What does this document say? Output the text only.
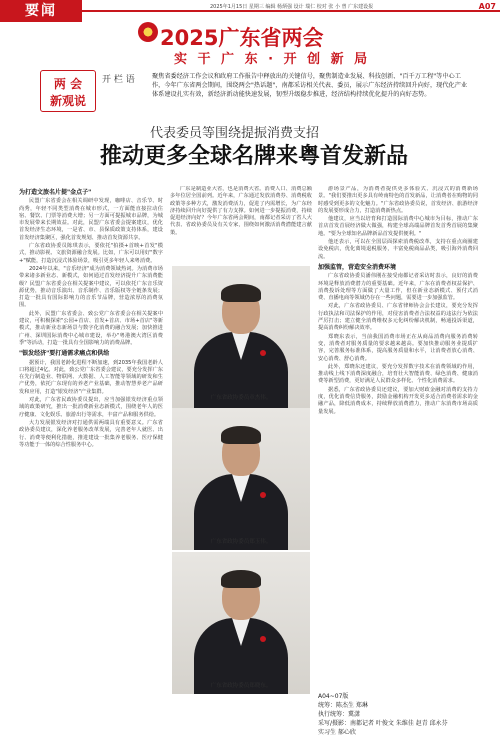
要闻	2025年1月15日 星期三 编辑 杨炳强 设计 瑞仁 校对 张 小 曾 广东建设报	A07
2025广东省两会
实 干 广 东 · 开 创 新 局
两 会
新观说
开 栏 语	聚焦省委经济工作会议和政府工作报告中释放出的关键信号，聚焦制造业发展、科技创新、"百千万工程"等中心工作，今年广东省两会期间，围绕两会"热话题"，南都采访相关代表、委员，展示广东经济持续回升向好，现代化产业体系建设扎实有效，新经济新动能快速发展，韧型升级稳步推进，经济结构持续优化提升的向好态势。
代表委员等围绕提振消费支招
推动更多全球名牌来粤首发新品
为打造文旅名片提"金点子"

民盟广东省委会在相关调研中发现，咖啡店、音乐节、时尚秀，年轻不同类型消费在城市形式，一方面能直接拉动住宿、餐饮、门票等消费大增；另一方面可提振城市品牌，为城市发展带来长期效益。对此，民盟广东省委会提案建议，优化首发经济生态环境，一是省、市、县保质政策支持体系，建设首发经济集聚区，强化首发规划、推动首发资源共享。

广东省政协委员陈琪表示，要依托"拍摄+首映+首发"模式，推动影视、文旅资源融合发展。比如，广东可以用好"数字+"赋能，打造沉浸式体验场景，吸引更多年轻人来粤消费。

2024年以来，"音乐经济"成为消费领域热词。为消费市场带来诸多新业态、新模式，如何通过首发经济提升广东消费能级？民盟广东省委会在相关提案中建议，可以依托广东音乐资源优势，推动音乐演出、音乐制作、音乐版权等全链条发展；打造一批具有国际影响力的音乐节品牌，营造浓厚的消费氛围。

此外，民盟广东省委会、致公党广东省委会在相关提案中建议，可积极探索"公园+首店、首发+首店、市场+首店"等新模式，推动新业态新场景与数字化消费的融合发展；加快推进广州、深圳国际消费中心城市建设，举办"粤港澳大湾区消费季"等活动，打造一批具有全国影响力的消费品牌。

"银发经济"要打通需求痛点和供给

据预计，我国老龄化进程不断加速，到2035年我国老龄人口将超过4亿。对此，致公党广东省委会建议，要充分发挥广东在先行制造业、物联网、大数据、人工智能等领域的研发和生产优势，依托广东现有的养老产业基础，推动智慧养老产品研发和应用，打造"银发经济"产业集群。

对此，广东省民政协委员提出，应当加强银发经济重点领域的政策研究，推出一批消费新业态新模式，围绕老年人的医疗健康、文化娱乐、旅游出行等需求，丰富产品和服务供给。

大力发展银发经济对打通供需两端具有重要意义。广东省政协委员建议，深化养老服务改革发展，完善老年人就医、出行、消费等便利化措施，推进建设一批集养老服务、医疗保健等功能于一体的综合性服务中心。

广东是制造业大省，也是消费大省。消费人口、消费总额多年位居全国前列。近年来，广东通过发放消费券、消费税收政策等多种方式，激发消费活力，促进了内需增长，为广东经济持续回升向好提供了有力支撑。如何进一步提振消费，持续促进经济向好？今年广东省两会期间，南都记者采访了省人大代表、省政协委员及有关专家，围绕如何激活消费潜能建言献策。

广东省政协委员章杰伟。
广东省政协委员郑玉伟。
广东省政协委员郑晓东。

游场景产品，为消费者提供更多体验式、沉浸式的消费新场景。"我们要推出更多具有岭南特色的首发新品，让消费者在购物的同时感受到更多的文化魅力。"广东省政协委员说，首发经济、旅游经济的发展要形成合力，打造消费新热点。

他建议，应当以培育和打造国际消费中心城市为目标，推动广东首店首发首展经济做大做强，构建全球高端品牌首发首秀首展的集聚地。"要为全球知名品牌新品首发提供便利。"

他还表示，可以在全国层面探索消费税改革，支持在重点商圈建设免税店，优化离境退税服务，丰富免税商品品类，吸引海外消费回流。

加强监管，营造安全消费环境

广东省政协委员潘伟刚在接受南都记者采访时表示，良好的消费环境是释放消费潜力的重要基础。近年来，广东在消费者权益保护、消费投诉处理等方面做了大量工作，但在新业态新模式、预付式消费、直播电商等领域仍存在一些问题，需要进一步加强监管。

对此，广东省政协委员、广东省律师协会会长建议，要充分发挥行政执法和司法保护的作用，对侵害消费者合法权益的违法行为依法严厉打击；建立健全消费维权多元化纠纷解决机制，畅通投诉渠道，提高消费纠纷解决效率。

郑晓东表示，当前我国消费市场正在从商品消费向服务消费转变，消费者对服务质量的要求越来越高。要加快推动服务业提质扩容，完善服务标准体系，提高服务质量和水平，让消费者放心消费、安心消费、舒心消费。

此外，郑晓东还建议，要充分发挥数字技术在消费领域的作用，推动线上线下消费深度融合，培育壮大智能消费、绿色消费、健康消费等新型消费，更好满足人民群众多样化、个性化消费需求。

据悉，广东省政协委员还建议，要加大财政金融对消费的支持力度，优化消费信贷服务，鼓励金融机构开发更多适合消费者需求的金融产品，降低消费成本，持续释放消费潜力，推动广东消费市场高质量发展。

A04~07版
统筹：陈杰生 郑琳
执行统筹：冀潇
采写/摄影：南都记者 叶俊文 朱维佳 赵青 邱永芬
实习生 郝心欣
